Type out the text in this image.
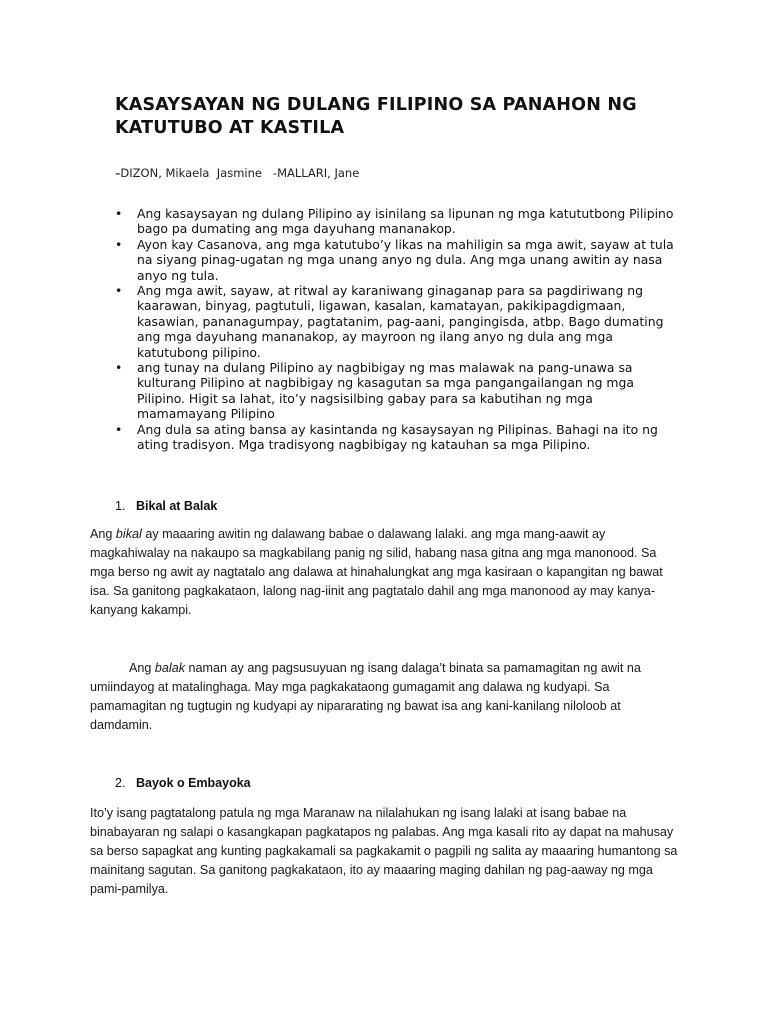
KASAYSAYAN NG DULANG FILIPINO SA PANAHON NG KATUTUBO AT KASTILA
-DIZON, Mikaela  Jasmine   -MALLARI, Jane
•	Ang kasaysayan ng dulang Pilipino ay isinilang sa lipunan ng mga katututbong Pilipino bago pa dumating ang mga dayuhang mananakop.
•	Ayon kay Casanova, ang mga katutubo’y likas na mahiligin sa mga awit, sayaw at tula na siyang pinag-ugatan ng mga unang anyo ng dula. Ang mga unang awitin ay nasa anyo ng tula.
•	Ang mga awit, sayaw, at ritwal ay karaniwang ginaganap para sa pagdiriwang ng kaarawan, binyag, pagtutuli, ligawan, kasalan, kamatayan, pakikipagdigmaan, kasawian, pananagumpay, pagtatanim, pag-aani, pangingisda, atbp. Bago dumating ang mga dayuhang mananakop, ay mayroon ng ilang anyo ng dula ang mga katutubong pilipino.
•	ang tunay na dulang Pilipino ay nagbibigay ng mas malawak na pang-unawa sa kulturang Pilipino at nagbibigay ng kasagutan sa mga pangangailangan ng mga Pilipino. Higit sa lahat, ito’y nagsisilbing gabay para sa kabutihan ng mga mamamayang Pilipino
•	Ang dula sa ating bansa ay kasintanda ng kasaysayan ng Pilipinas. Bahagi na ito ng ating tradisyon. Mga tradisyong nagbibigay ng katauhan sa mga Pilipino.
1. Bikal at Balak

Ang bikal ay maaaring awitin ng dalawang babae o dalawang lalaki. ang mga mang-aawit ay magkahiwalay na nakaupo sa magkabilang panig ng silid, habang nasa gitna ang mga manonood. Sa mga berso ng awit ay nagtatalo ang dalawa at hinahalungkat ang mga kasiraan o kapangitan ng bawat isa. Sa ganitong pagkakataon, lalong nag-iinit ang pagtatalo dahil ang mga manonood ay may kanya-kanyang kakampi.

Ang balak naman ay ang pagsusuyuan ng isang dalaga’t binata sa pamamagitan ng awit na umiindayog at matalinghaga. May mga pagkakataong gumagamit ang dalawa ng kudyapi. Sa pamamagitan ng tugtugin ng kudyapi ay nipararating ng bawat isa ang kani-kanilang niloloob at damdamin.

2. Bayok o Embayoka

Ito’y isang pagtatalong patula ng mga Maranaw na nilalahukan ng isang lalaki at isang babae na binabayaran ng salapi o kasangkapan pagkatapos ng palabas. Ang mga kasali rito ay dapat na mahusay sa berso sapagkat ang kunting pagkakamali sa pagkakamit o pagpili ng salita ay maaaring humantong sa mainitang sagutan. Sa ganitong pagkakataon, ito ay maaaring maging dahilan ng pag-aaway ng mga pami-pamilya.
